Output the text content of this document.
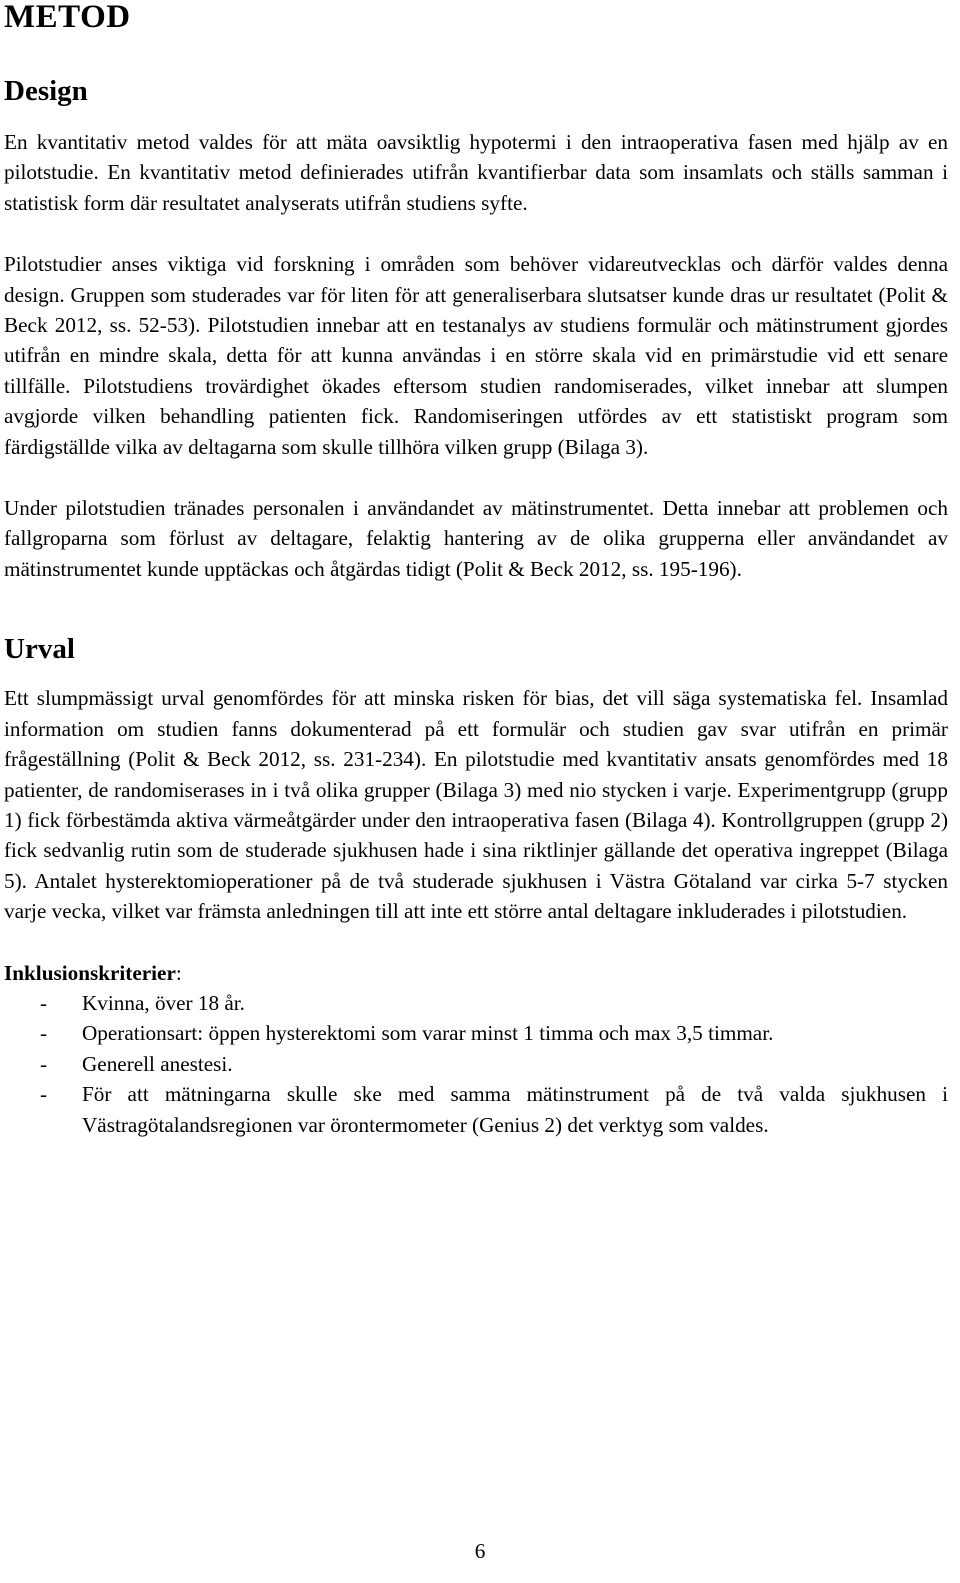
METOD
Design

En kvantitativ metod valdes för att mäta oavsiktlig hypotermi i den intraoperativa fasen med hjälp av en pilotstudie. En kvantitativ metod definierades utifrån kvantifierbar data som insamlats och ställs samman i statistisk form där resultatet analyserats utifrån studiens syfte.

Pilotstudier anses viktiga vid forskning i områden som behöver vidareutvecklas och därför valdes denna design. Gruppen som studerades var för liten för att generaliserbara slutsatser kunde dras ur resultatet (Polit & Beck 2012, ss. 52-53). Pilotstudien innebar att en testanalys av studiens formulär och mätinstrument gjordes utifrån en mindre skala, detta för att kunna användas i en större skala vid en primärstudie vid ett senare tillfälle. Pilotstudiens trovärdighet ökades eftersom studien randomiserades, vilket innebar att slumpen avgjorde vilken behandling patienten fick. Randomiseringen utfördes av ett statistiskt program som färdigställde vilka av deltagarna som skulle tillhöra vilken grupp (Bilaga 3).

Under pilotstudien tränades personalen i användandet av mätinstrumentet. Detta innebar att problemen och fallgroparna som förlust av deltagare, felaktig hantering av de olika grupperna eller användandet av mätinstrumentet kunde upptäckas och åtgärdas tidigt (Polit & Beck 2012, ss. 195-196).

Urval

Ett slumpmässigt urval genomfördes för att minska risken för bias, det vill säga systematiska fel. Insamlad information om studien fanns dokumenterad på ett formulär och studien gav svar utifrån en primär frågeställning (Polit & Beck 2012, ss. 231-234). En pilotstudie med kvantitativ ansats genomfördes med 18 patienter, de randomiserases in i två olika grupper (Bilaga 3) med nio stycken i varje. Experimentgrupp (grupp 1) fick förbestämda aktiva värmeåtgärder under den intraoperativa fasen (Bilaga 4). Kontrollgruppen (grupp 2) fick sedvanlig rutin som de studerade sjukhusen hade i sina riktlinjer gällande det operativa ingreppet (Bilaga 5). Antalet hysterektomioperationer på de två studerade sjukhusen i Västra Götaland var cirka 5-7 stycken varje vecka, vilket var främsta anledningen till att inte ett större antal deltagare inkluderades i pilotstudien.

Inklusionskriterier:
- Kvinna, över 18 år.
- Operationsart: öppen hysterektomi som varar minst 1 timma och max 3,5 timmar.
- Generell anestesi.
- För att mätningarna skulle ske med samma mätinstrument på de två valda sjukhusen i Västragötalandsregionen var örontermometer (Genius 2) det verktyg som valdes.
6
